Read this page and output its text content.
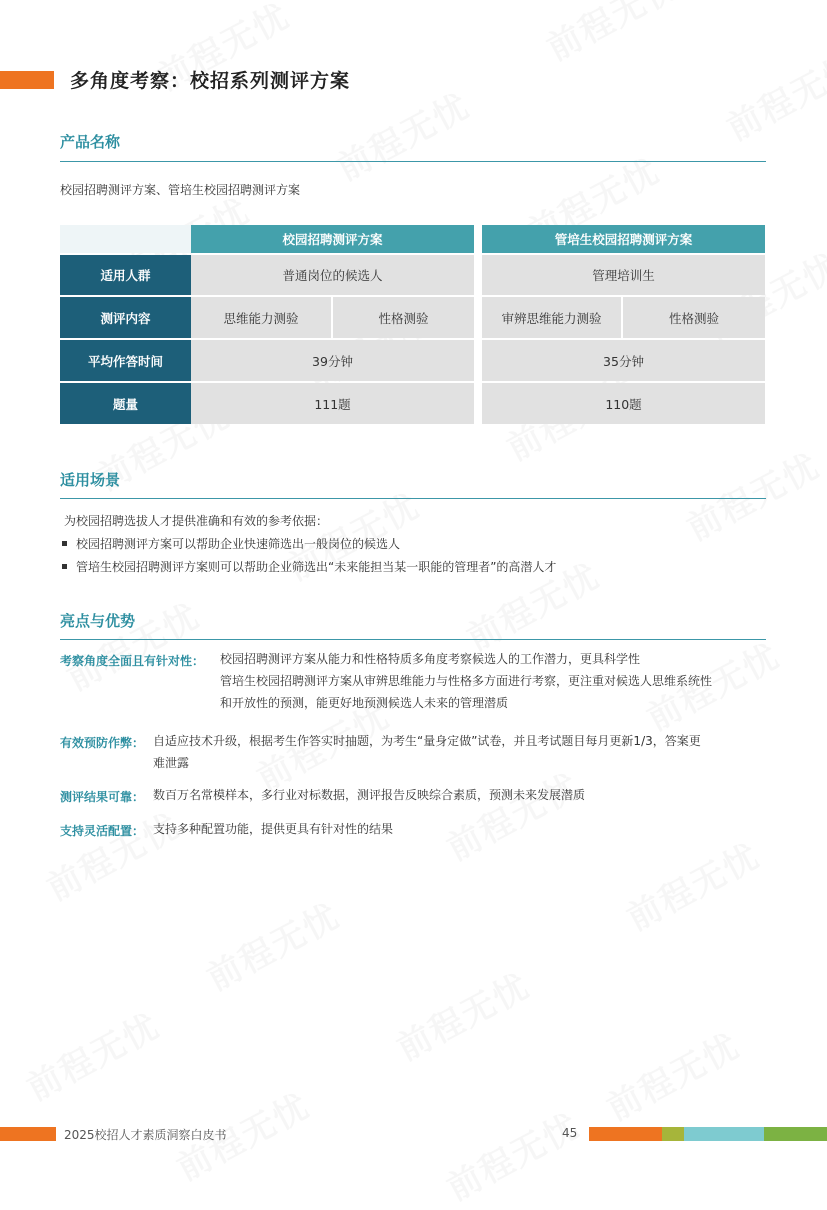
多角度考察：校招系列测评方案
产品名称
校园招聘测评方案、管培生校园招聘测评方案
	校园招聘测评方案			管培生校园招聘测评方案	

适用人群	普通岗位的候选人			管理培训生	

测评内容	思维能力测验	性格测验		审辨思维能力测验	性格测验

平均作答时间	39分钟			35分钟	

题量	111题			110题	
适用场景
为校园招聘选拔人才提供准确和有效的参考依据：
校园招聘测评方案可以帮助企业快速筛选出一般岗位的候选人
管培生校园招聘测评方案则可以帮助企业筛选出“未来能担当某一职能的管理者”的高潜人才
亮点与优势
考察角度全面且有针对性： 校园招聘测评方案从能力和性格特质多角度考察候选人的工作潜力，更具科学性
管培生校园招聘测评方案从审辨思维能力与性格多方面进行考察，更注重对候选人思维系统性
和开放性的预测，能更好地预测候选人未来的管理潜质
有效预防作弊： 自适应技术升级，根据考生作答实时抽题，为考生“量身定做”试卷，并且考试题目每月更新1/3，答案更
难泄露
测评结果可靠： 数百万名常模样本，多行业对标数据，测评报告反映综合素质，预测未来发展潜质
支持灵活配置： 支持多种配置功能，提供更具有针对性的结果
2025校招人才素质洞察白皮书	45
